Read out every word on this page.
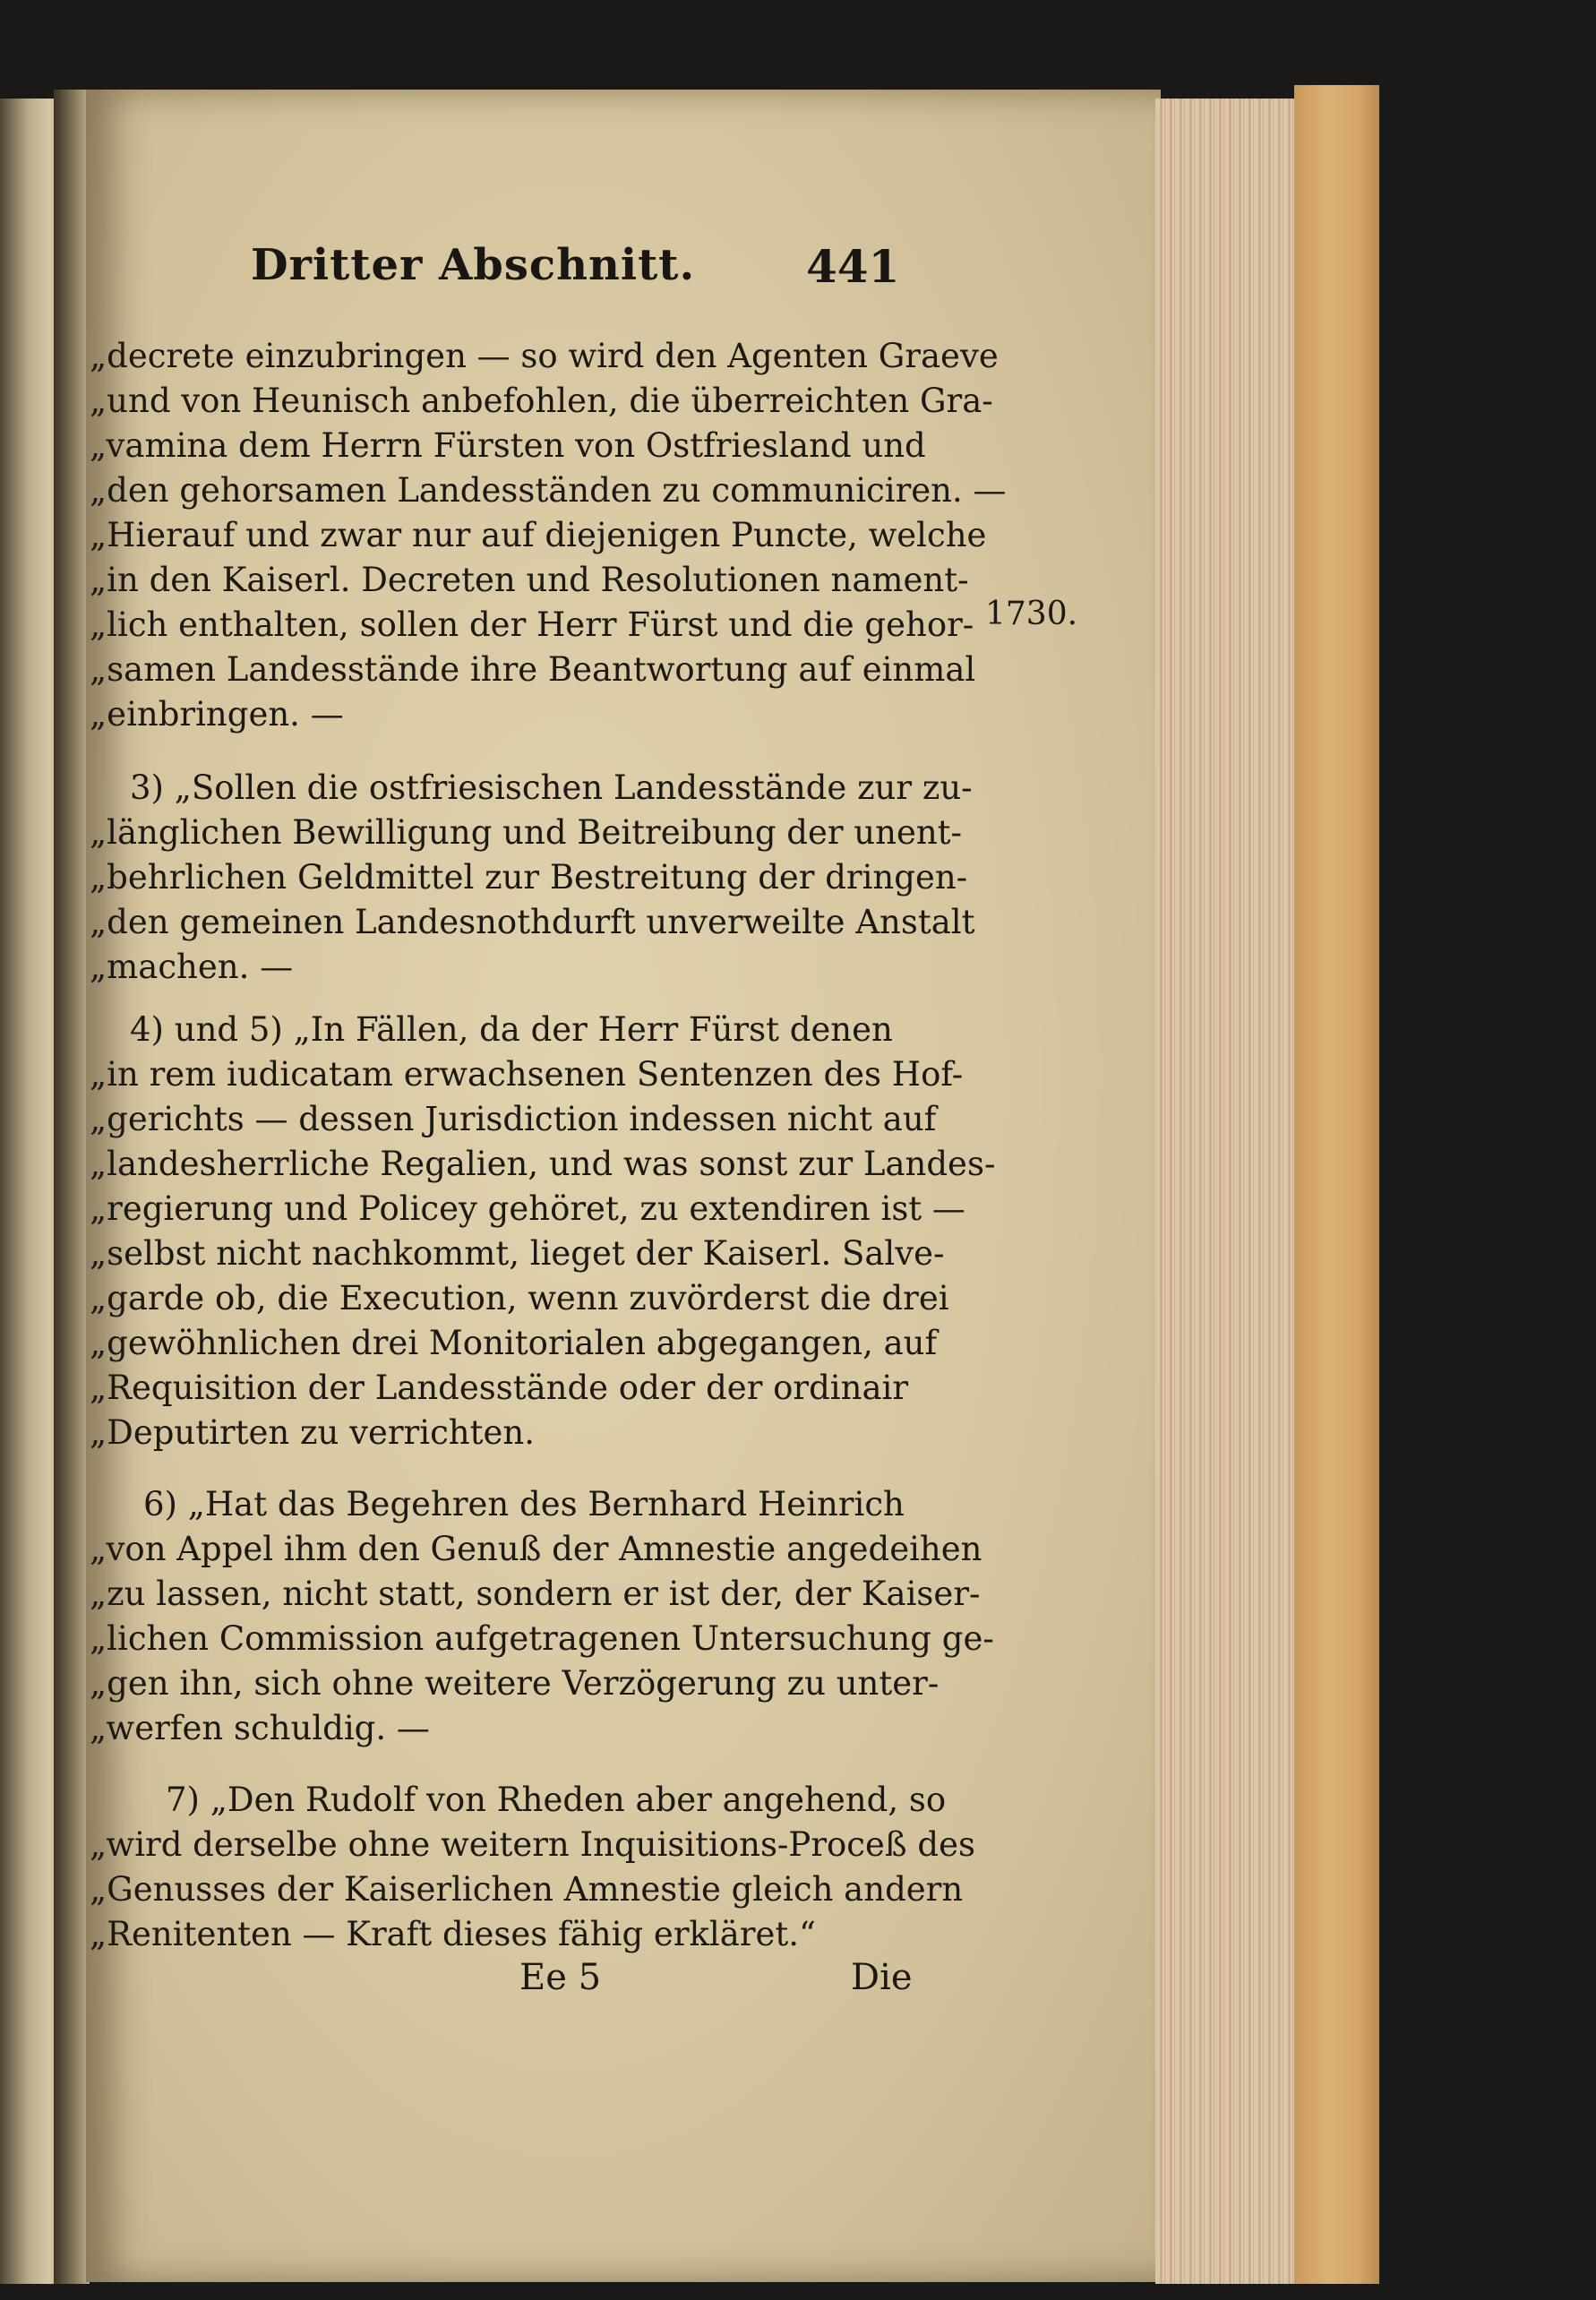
Dritter Abschnitt. 441
„decrete einzubringen — so wird den Agenten Graeve
„und von Heunisch anbefohlen, die überreichten Gra-
„vamina dem Herrn Fürsten von Ostfriesland und
„den gehorsamen Landesständen zu communiciren. —
„Hierauf und zwar nur auf diejenigen Puncte, welche
„in den Kaiserl. Decreten und Resolutionen nament-
„lich enthalten, sollen der Herr Fürst und die gehor-
„samen Landesstände ihre Beantwortung auf einmal
„einbringen. —
3) „Sollen die ostfriesischen Landesstände zur zu-
„länglichen Bewilligung und Beitreibung der unent-
„behrlichen Geldmittel zur Bestreitung der dringen-
„den gemeinen Landesnothdurft unverweilte Anstalt
„machen. —
4) und 5) „In Fällen, da der Herr Fürst denen
„in rem iudicatam erwachsenen Sentenzen des Hof-
„gerichts — dessen Jurisdiction indessen nicht auf
„landesherrliche Regalien, und was sonst zur Landes-
„regierung und Policey gehöret, zu extendiren ist —
„selbst nicht nachkommt, lieget der Kaiserl. Salve-
„garde ob, die Execution, wenn zuvörderst die drei
„gewöhnlichen drei Monitorialen abgegangen, auf
„Requisition der Landesstände oder der ordinair
„Deputirten zu verrichten.
6) „Hat das Begehren des Bernhard Heinrich
„von Appel ihm den Genuß der Amnestie angedeihen
„zu lassen, nicht statt, sondern er ist der, der Kaiser-
„lichen Commission aufgetragenen Untersuchung ge-
„gen ihn, sich ohne weitere Verzögerung zu unter-
„werfen schuldig. —
7) „Den Rudolf von Rheden aber angehend, so
„wird derselbe ohne weitern Inquisitions-Proceß des
„Genusses der Kaiserlichen Amnestie gleich andern
„Renitenten — Kraft dieses fähig erkläret.“
1730.
Ee 5	Die
